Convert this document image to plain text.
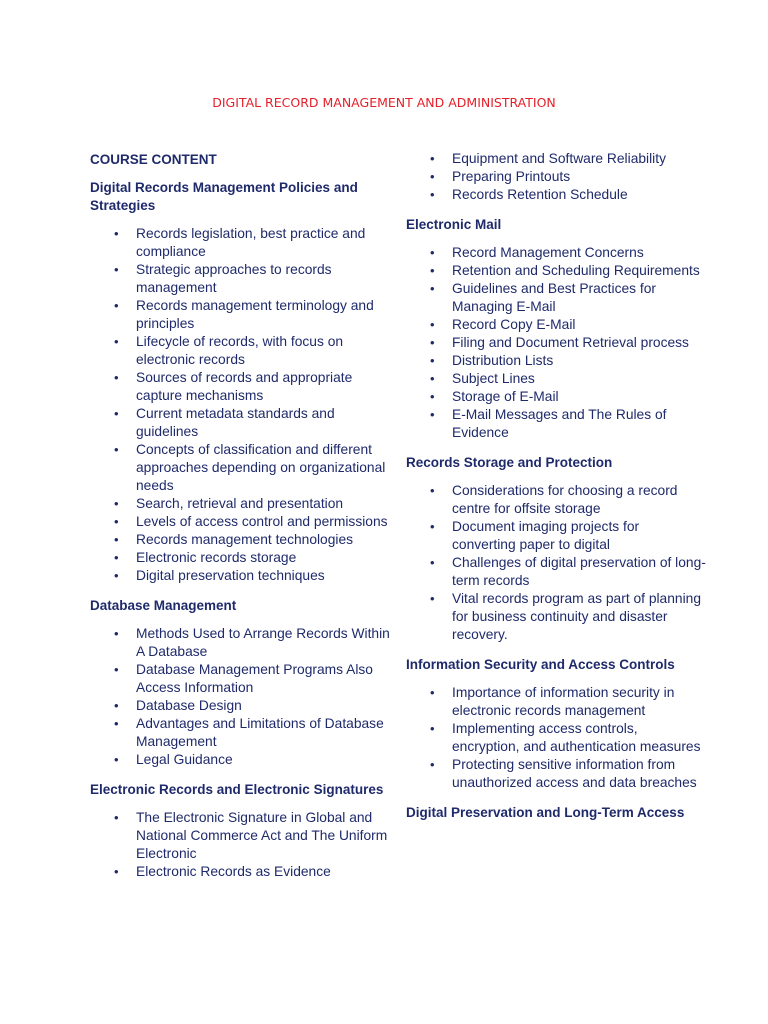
DIGITAL RECORD MANAGEMENT AND ADMINISTRATION
COURSE CONTENT
Digital Records Management Policies and Strategies
• Records legislation, best practice and compliance
• Strategic approaches to records management
• Records management terminology and principles
• Lifecycle of records, with focus on electronic records
• Sources of records and appropriate capture mechanisms
• Current metadata standards and guidelines
• Concepts of classification and different approaches depending on organizational needs
• Search, retrieval and presentation
• Levels of access control and permissions
• Records management technologies
• Electronic records storage
• Digital preservation techniques
Database Management
• Methods Used to Arrange Records Within A Database
• Database Management Programs Also Access Information
• Database Design
• Advantages and Limitations of Database Management
• Legal Guidance
Electronic Records and Electronic Signatures
• The Electronic Signature in Global and National Commerce Act and The Uniform Electronic
• Electronic Records as Evidence
• Equipment and Software Reliability
• Preparing Printouts
• Records Retention Schedule
Electronic Mail
• Record Management Concerns
• Retention and Scheduling Requirements
• Guidelines and Best Practices for Managing E-Mail
• Record Copy E-Mail
• Filing and Document Retrieval process
• Distribution Lists
• Subject Lines
• Storage of E-Mail
• E-Mail Messages and The Rules of Evidence
Records Storage and Protection
• Considerations for choosing a record centre for offsite storage
• Document imaging projects for converting paper to digital
• Challenges of digital preservation of long-term records
• Vital records program as part of planning for business continuity and disaster recovery.
Information Security and Access Controls
• Importance of information security in electronic records management
• Implementing access controls, encryption, and authentication measures
• Protecting sensitive information from unauthorized access and data breaches
Digital Preservation and Long-Term Access
